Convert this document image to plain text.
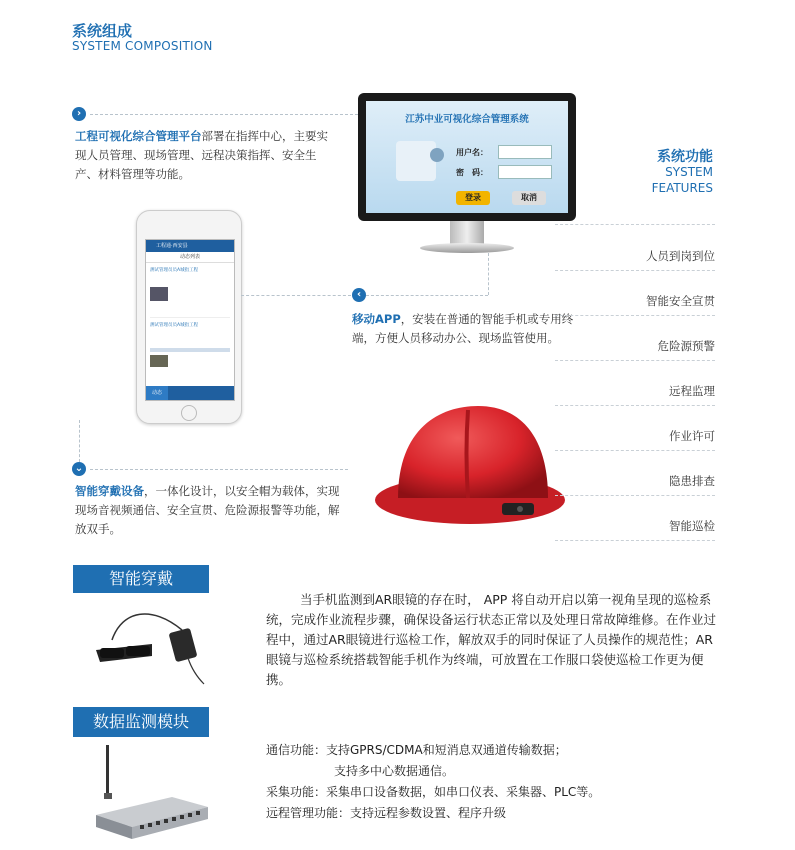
系统组成
SYSTEM COMPOSITION
›
工程可视化综合管理平台部署在指挥中心，主要实现人员管理、现场管理、远程决策指挥、安全生产、材料管理等功能。
江苏中业可视化综合管理系统
用户名：
密　码：
登录	取消
工程通·西安县
动态列表
测试管理员员A城指工程
测试管理员员A城指工程
动态
‹
移动APP，安装在普通的智能手机或专用终端，方便人员移动办公、现场监管使用。
⌄
智能穿戴设备，一体化设计，以安全帽为载体，实现现场音视频通信、安全宣贯、危险源报警等功能，解放双手。
系统功能
SYSTEM
FEATURES
人员到岗到位
智能安全宣贯
危险源预警
远程监理
作业许可
隐患排查
智能巡检
智能穿戴
当手机监测到AR眼镜的存在时， APP 将自动开启以第一视角呈现的巡检系统，完成作业流程步骤，确保设备运行状态正常以及处理日常故障维修。在作业过程中，通过AR眼镜进行巡检工作，解放双手的同时保证了人员操作的规范性；AR眼镜与巡检系统搭载智能手机作为终端，可放置在工作服口袋使巡检工作更为便携。
数据监测模块
通信功能：支持GPRS/CDMA和短消息双通道传输数据；
支持多中心数据通信。
采集功能：采集串口设备数据，如串口仪表、采集器、PLC等。
远程管理功能：支持远程参数设置、程序升级
